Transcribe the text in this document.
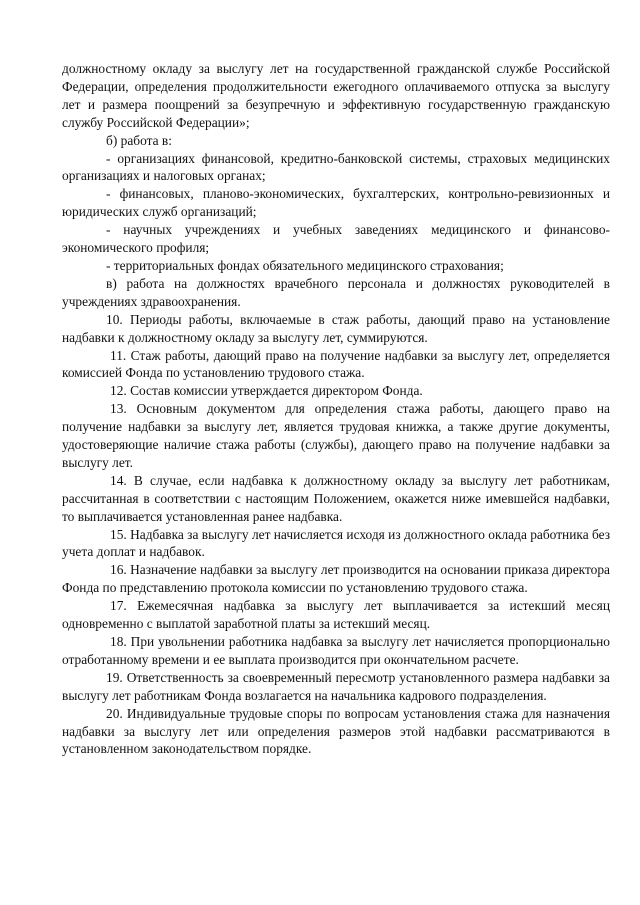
должностному окладу за выслугу лет на государственной гражданской службе Российской Федерации, определения продолжительности ежегодного оплачиваемого отпуска за выслугу лет и размера поощрений за безупречную и эффективную государственную гражданскую службу Российской Федерации»;

б) работа в:

- организациях финансовой, кредитно-банковской системы, страховых медицинских организациях и налоговых органах;

- финансовых, планово-экономических, бухгалтерских, контрольно-ревизионных и юридических служб организаций;

- научных учреждениях и учебных заведениях медицинского и финансово-экономического профиля;

- территориальных фондах обязательного медицинского страхования;

в) работа на должностях врачебного персонала и должностях руководителей в учреждениях здравоохранения.

10. Периоды работы, включаемые в стаж работы, дающий право на установление надбавки к должностному окладу за выслугу лет, суммируются.

11. Стаж работы, дающий право на получение надбавки за выслугу лет, определяется комиссией Фонда по установлению трудового стажа.

12. Состав комиссии утверждается директором Фонда.

13. Основным документом для определения стажа работы, дающего право на получение надбавки за выслугу лет, является трудовая книжка, а также другие документы, удостоверяющие наличие стажа работы (службы), дающего право на получение надбавки за выслугу лет.

14. В случае, если надбавка к должностному окладу за выслугу лет работникам, рассчитанная в соответствии с настоящим Положением, окажется ниже имевшейся надбавки, то выплачивается установленная ранее надбавка.

15. Надбавка за выслугу лет начисляется исходя из должностного оклада работника без учета доплат и надбавок.

16. Назначение надбавки за выслугу лет производится на основании приказа директора Фонда по представлению протокола комиссии по установлению трудового стажа.

17. Ежемесячная надбавка за выслугу лет выплачивается за истекший месяц одновременно с выплатой заработной платы за истекший месяц.

18. При увольнении работника надбавка за выслугу лет начисляется пропорционально отработанному времени и ее выплата производится при окончательном расчете.

19. Ответственность за своевременный пересмотр установленного размера надбавки за выслугу лет работникам Фонда возлагается на начальника кадрового подразделения.

20. Индивидуальные трудовые споры по вопросам установления стажа для назначения надбавки за выслугу лет или определения размеров этой надбавки рассматриваются в установленном законодательством порядке.
